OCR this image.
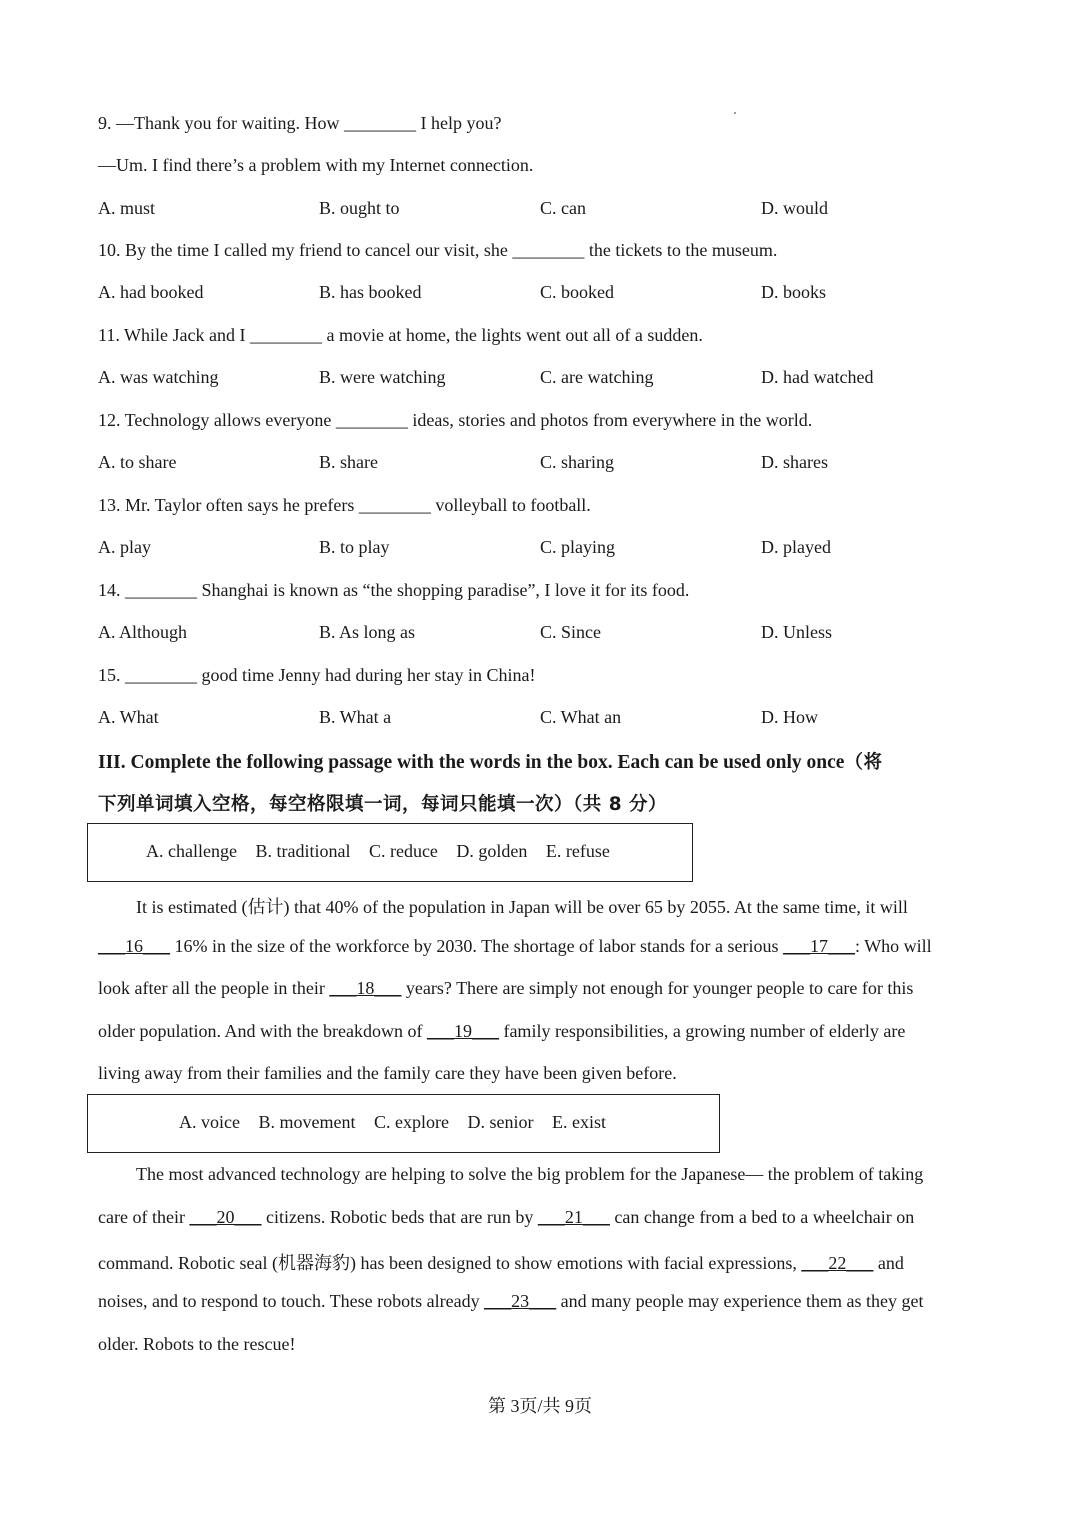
9. —Thank you for waiting. How ________ I help you?
—Um. I find there’s a problem with my Internet connection.
A. must	B. ought to	C. can	D. would
10. By the time I called my friend to cancel our visit, she ________ the tickets to the museum.
A. had booked	B. has booked	C. booked	D. books
11. While Jack and I ________ a movie at home, the lights went out all of a sudden.
A. was watching	B. were watching	C. are watching	D. had watched
12. Technology allows everyone ________ ideas, stories and photos from everywhere in the world.
A. to share	B. share	C. sharing	D. shares
13. Mr. Taylor often says he prefers ________ volleyball to football.
A. play	B. to play	C. playing	D. played
14. ________ Shanghai is known as “the shopping paradise”, I love it for its food.
A. Although	B. As long as	C. Since	D. Unless
15. ________ good time Jenny had during her stay in China!
A. What	B. What a	C. What an	D. How
III. Complete the following passage with the words in the box. Each can be used only once（将
下列单词填入空格，每空格限填一词，每词只能填一次）（共 8 分）
A. challenge B. traditional C. reduce D. golden E. refuse
It is estimated (估计) that 40% of the population in Japan will be over 65 by 2055. At the same time, it will
___16___ 16% in the size of the workforce by 2030. The shortage of labor stands for a serious ___17___: Who will
look after all the people in their ___18___ years? There are simply not enough for younger people to care for this
older population. And with the breakdown of ___19___ family responsibilities, a growing number of elderly are
living away from their families and the family care they have been given before.
A. voice B. movement C. explore D. senior E. exist
The most advanced technology are helping to solve the big problem for the Japanese— the problem of taking
care of their ___20___ citizens. Robotic beds that are run by ___21___ can change from a bed to a wheelchair on
command. Robotic seal (机器海豹) has been designed to show emotions with facial expressions, ___22___ and
noises, and to respond to touch. These robots already ___23___ and many people may experience them as they get
older. Robots to the rescue!
第 3页/共 9页
